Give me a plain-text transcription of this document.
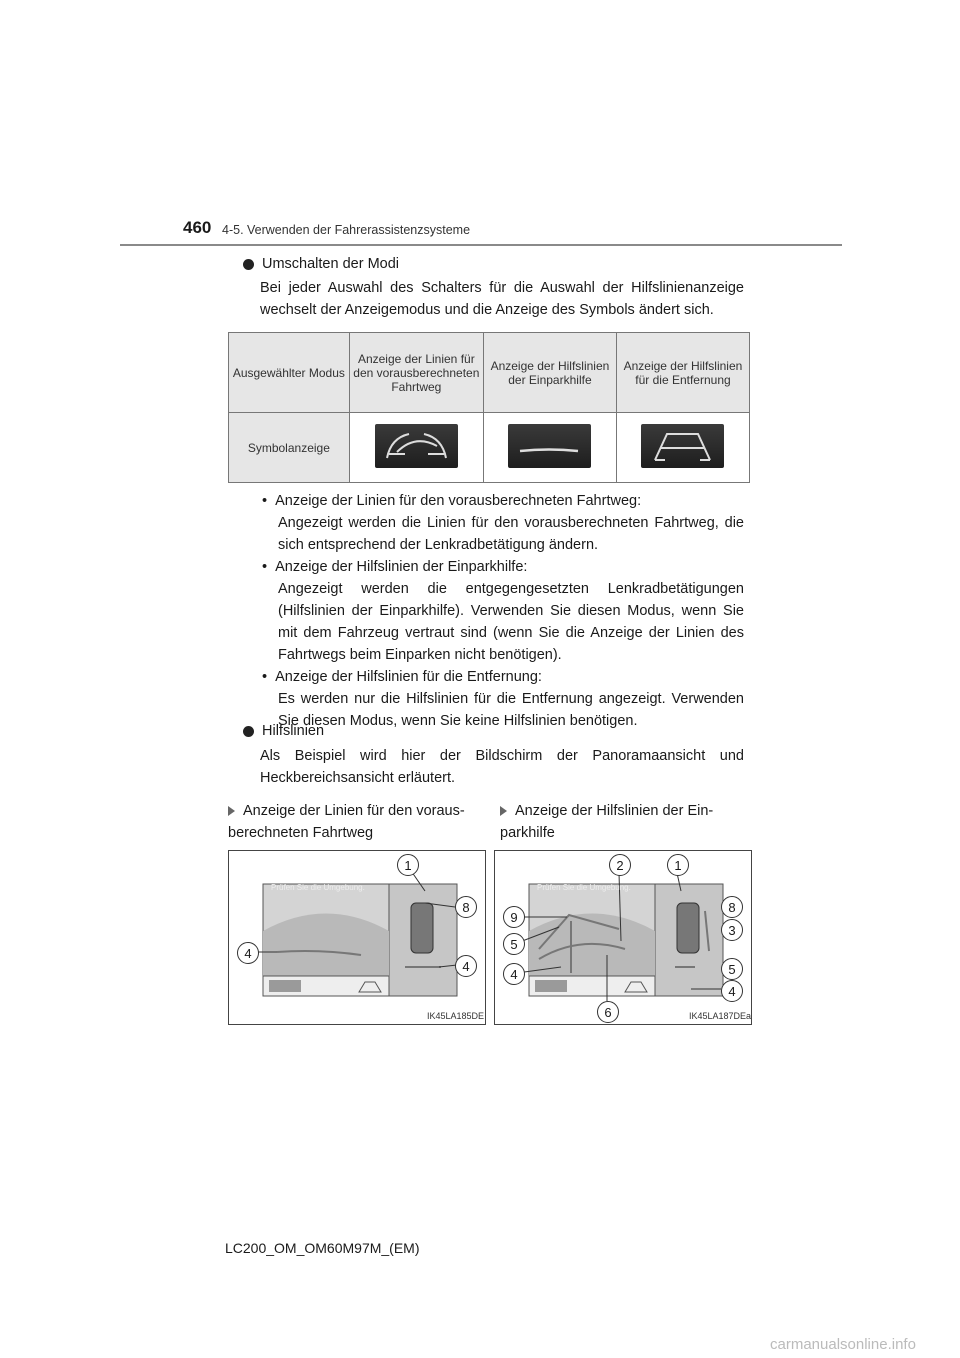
460 4-5. Verwenden der Fahrerassistenzsysteme
Umschalten der Modi
Bei jeder Auswahl des Schalters für die Auswahl der Hilfslinienanzeige wechselt der Anzeigemodus und die Anzeige des Symbols ändert sich.
Ausgewählter Modus	Anzeige der Linien für den vorausberechneten Fahrtweg	Anzeige der Hilfslinien der Einparkhilfe	Anzeige der Hilfslinien für die Entfernung
Symbolanzeige	

•  Anzeige der Linien für den vorausberechneten Fahrtweg:
Angezeigt werden die Linien für den vorausberechneten Fahrtweg, die sich entsprechend der Lenkradbetätigung ändern.
•  Anzeige der Hilfslinien der Einparkhilfe:
Angezeigt werden die entgegengesetzten Lenkradbetätigungen (Hilfslinien der Einparkhilfe). Verwenden Sie diesen Modus, wenn Sie mit dem Fahrzeug vertraut sind (wenn Sie die Anzeige der Linien des Fahrtwegs beim Einparken nicht benötigen).
•  Anzeige der Hilfslinien für die Entfernung:
Es werden nur die Hilfslinien für die Entfernung angezeigt. Verwenden Sie diesen Modus, wenn Sie keine Hilfslinien benötigen.
Hilfslinien
Als Beispiel wird hier der Bildschirm der Panoramaansicht und Heckbereichsansicht erläutert.
Anzeige der Linien für den voraus- berechneten Fahrtweg
Anzeige der Hilfslinien der Ein- parkhilfe
Prüfen Sie die Umgebung.
1
8
4
4
IK45LA185DE
Prüfen Sie die Umgebung.
2	1
8
9
3
5
4	5
4
6	IK45LA187DEa
LC200_OM_OM60M97M_(EM)
carmanualsonline.info
